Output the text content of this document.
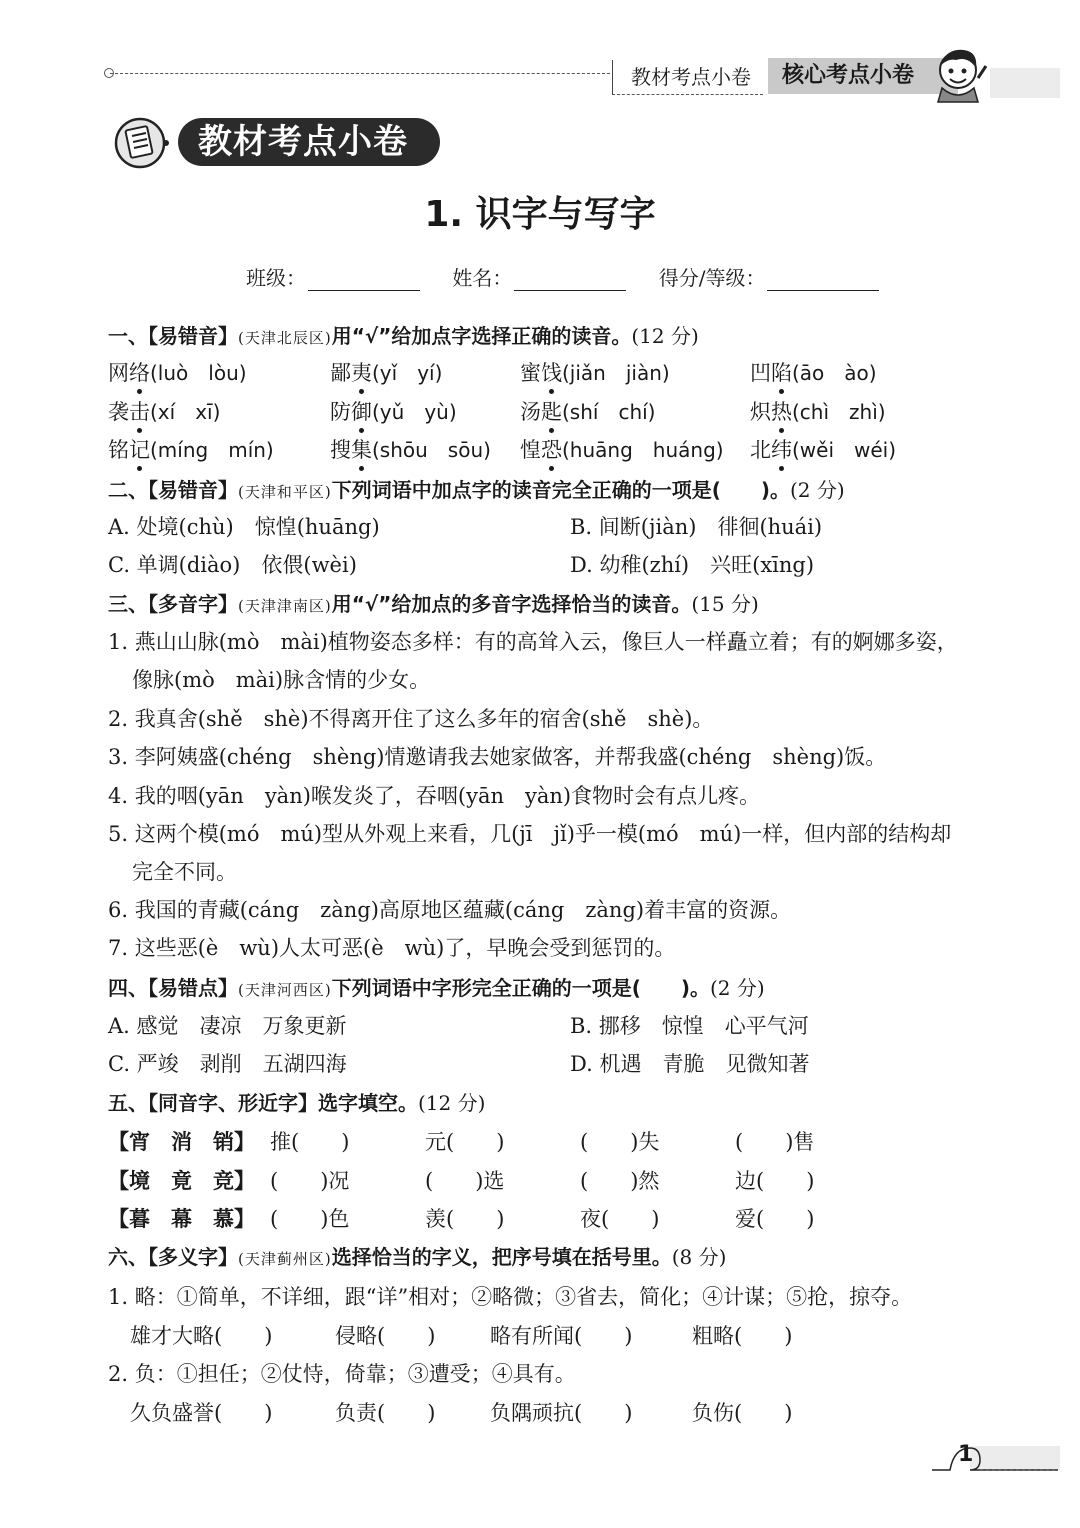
教材考点小卷	核心考点小卷
教材考点小卷
1. 识字与写字
班级：	姓名：	得分/等级：
一、【易错音】(天津北辰区)用“√”给加点字选择正确的读音。(12 分)
网络(luò　lòu)	鄙夷(yǐ　yí)	蜜饯(jiǎn　jiàn)	凹陷(āo　ào)
袭击(xí　xī)	防御(yǔ　yù)	汤匙(shí　chí)	炽热(chì　zhì)
铭记(míng　mín)	搜集(shōu　sōu) 惶恐(huāng　huáng) 北纬(wěi　wéi)
二、【易错音】(天津和平区)下列词语中加点字的读音完全正确的一项是(　　)。(2 分)
A. 处境(chù)　惊惶(huāng)	B. 间断(jiàn)　徘徊(huái)
C. 单调(diào)　依偎(wèi)	D. 幼稚(zhí)　兴旺(xīng)
三、【多音字】(天津津南区)用“√”给加点的多音字选择恰当的读音。(15 分)
1. 燕山山脉(mò　mài)植物姿态多样：有的高耸入云，像巨人一样矗立着；有的婀娜多姿，
像脉(mò　mài)脉含情的少女。
2. 我真舍(shě　shè)不得离开住了这么多年的宿舍(shě　shè)。
3. 李阿姨盛(chéng　shèng)情邀请我去她家做客，并帮我盛(chéng　shèng)饭。
4. 我的咽(yān　yàn)喉发炎了，吞咽(yān　yàn)食物时会有点儿疼。
5. 这两个模(mó　mú)型从外观上来看，几(jī　jǐ)乎一模(mó　mú)一样，但内部的结构却
完全不同。
6. 我国的青藏(cáng　zàng)高原地区蕴藏(cáng　zàng)着丰富的资源。
7. 这些恶(è　wù)人太可恶(è　wù)了，早晚会受到惩罚的。
四、【易错点】(天津河西区)下列词语中字形完全正确的一项是(　　)。(2 分)
A. 感觉　凄凉　万象更新	B. 挪移　惊惶　心平气河
C. 严竣　剥削　五湖四海	D. 机遇　青脆　见微知著
五、【同音字、形近字】选字填空。(12 分)
【宵　消　销】 推(　　)	元(　　)	(　　)失	(　　)售
【境　竟　竞】 (　　)况	(　　)选	(　　)然	边(　　)
【暮　幕　慕】 (　　)色	羡(　　)	夜(　　)	爱(　　)
六、【多义字】(天津蓟州区)选择恰当的字义，把序号填在括号里。(8 分)
1. 略：①简单，不详细，跟“详”相对；②略微；③省去，简化；④计谋；⑤抢，掠夺。
雄才大略(　　)	侵略(　　)	略有所闻(　　)	粗略(　　)
2. 负：①担任；②仗恃，倚靠；③遭受；④具有。
久负盛誉(　　)	负责(　　)	负隅顽抗(　　)	负伤(　　)
1
